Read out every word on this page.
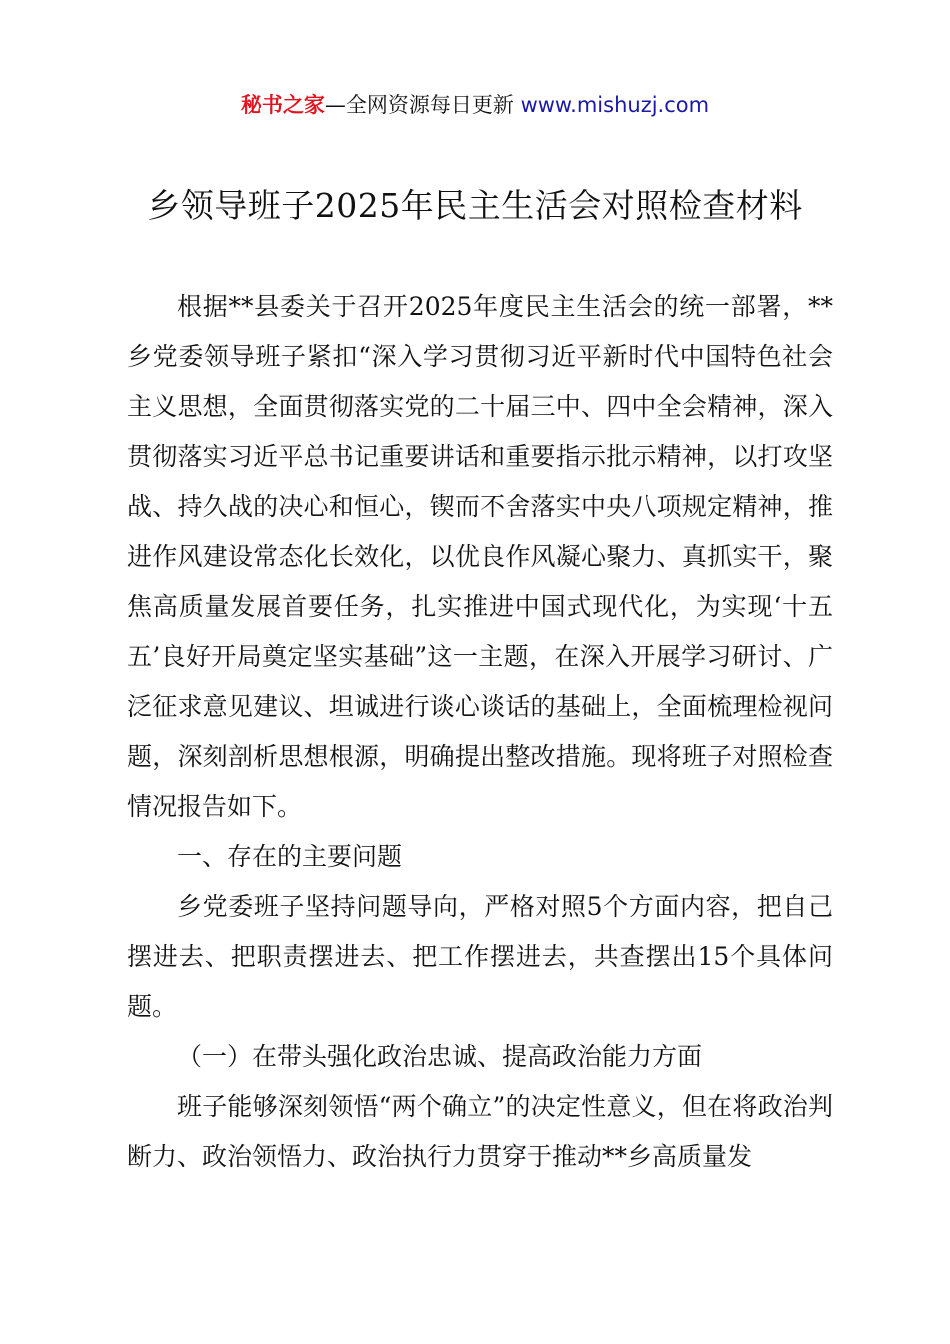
秘书之家—全网资源每日更新 www.mishuzj.com
乡领导班子2025年民主生活会对照检查材料

根据**县委关于召开2025年度民主生活会的统一部署，**乡党委领导班子紧扣“深入学习贯彻习近平新时代中国特色社会主义思想，全面贯彻落实党的二十届三中、四中全会精神，深入贯彻落实习近平总书记重要讲话和重要指示批示精神，以打攻坚战、持久战的决心和恒心，锲而不舍落实中央八项规定精神，推进作风建设常态化长效化，以优良作风凝心聚力、真抓实干，聚焦高质量发展首要任务，扎实推进中国式现代化，为实现‘十五五’良好开局奠定坚实基础”这一主题，在深入开展学习研讨、广泛征求意见建议、坦诚进行谈心谈话的基础上，全面梳理检视问题，深刻剖析思想根源，明确提出整改措施。现将班子对照检查情况报告如下。

一、存在的主要问题

乡党委班子坚持问题导向，严格对照5个方面内容，把自己摆进去、把职责摆进去、把工作摆进去，共查摆出15个具体问题。

（一）在带头强化政治忠诚、提高政治能力方面

班子能够深刻领悟“两个确立”的决定性意义，但在将政治判断力、政治领悟力、政治执行力贯穿于推动**乡高质量发
